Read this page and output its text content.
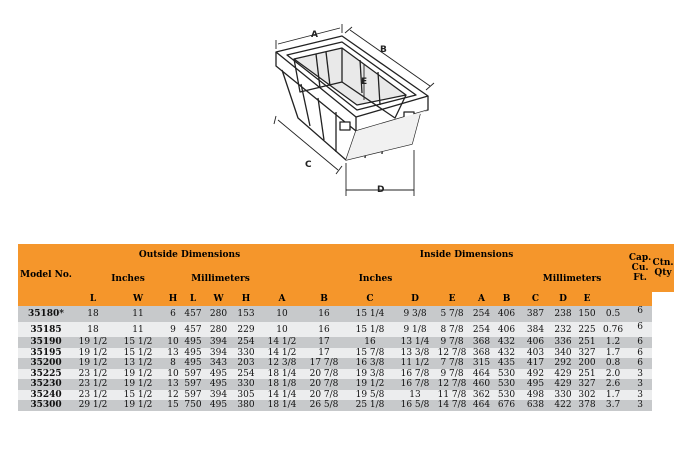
A
B
E
C
D
Model No.	Outside Dimensions							Inside Dimensions										Cap. Cu. Ft.	Ctn. Qty
	Inches			Millimeters			Inches						Millimeters						
	L	W	H	L	W	H	A	B	C	D	E	A	B	C	D	E			
35180*	18	11	6	457	280	153	10	16	15 1/4	9 3/8	5 7/8	254	406	387	238	150	0.5	6	
35185	18	11	9	457	280	229	10	16	15 1/8	9 1/8	8 7/8	254	406	384	232	225	0.76	6	
35190	19 1/2	15 1/2	10	495	394	254	14 1/2	17	16	13 1/4	9 7/8	368	432	406	336	251	1.2	6	
35195	19 1/2	15 1/2	13	495	394	330	14 1/2	17	15 7/8	13 3/8	12 7/8	368	432	403	340	327	1.7	6	
35200	19 1/2	13 1/2	8	495	343	203	12 3/8	17 7/8	16 3/8	11 1/2	7 7/8	315	435	417	292	200	0.8	6	
35225	23 1/2	19 1/2	10	597	495	254	18 1/4	20 7/8	19 3/8	16 7/8	9 7/8	464	530	492	429	251	2.0	3	
35230	23 1/2	19 1/2	13	597	495	330	18 1/8	20 7/8	19 1/2	16 7/8	12 7/8	460	530	495	429	327	2.6	3	
35240	23 1/2	15 1/2	12	597	394	305	14 1/4	20 7/8	19 5/8	13	11 7/8	362	530	498	330	302	1.7	3	
35300	29 1/2	19 1/2	15	750	495	380	18 1/4	26 5/8	25 1/8	16 5/8	14 7/8	464	676	638	422	378	3.7	3	
